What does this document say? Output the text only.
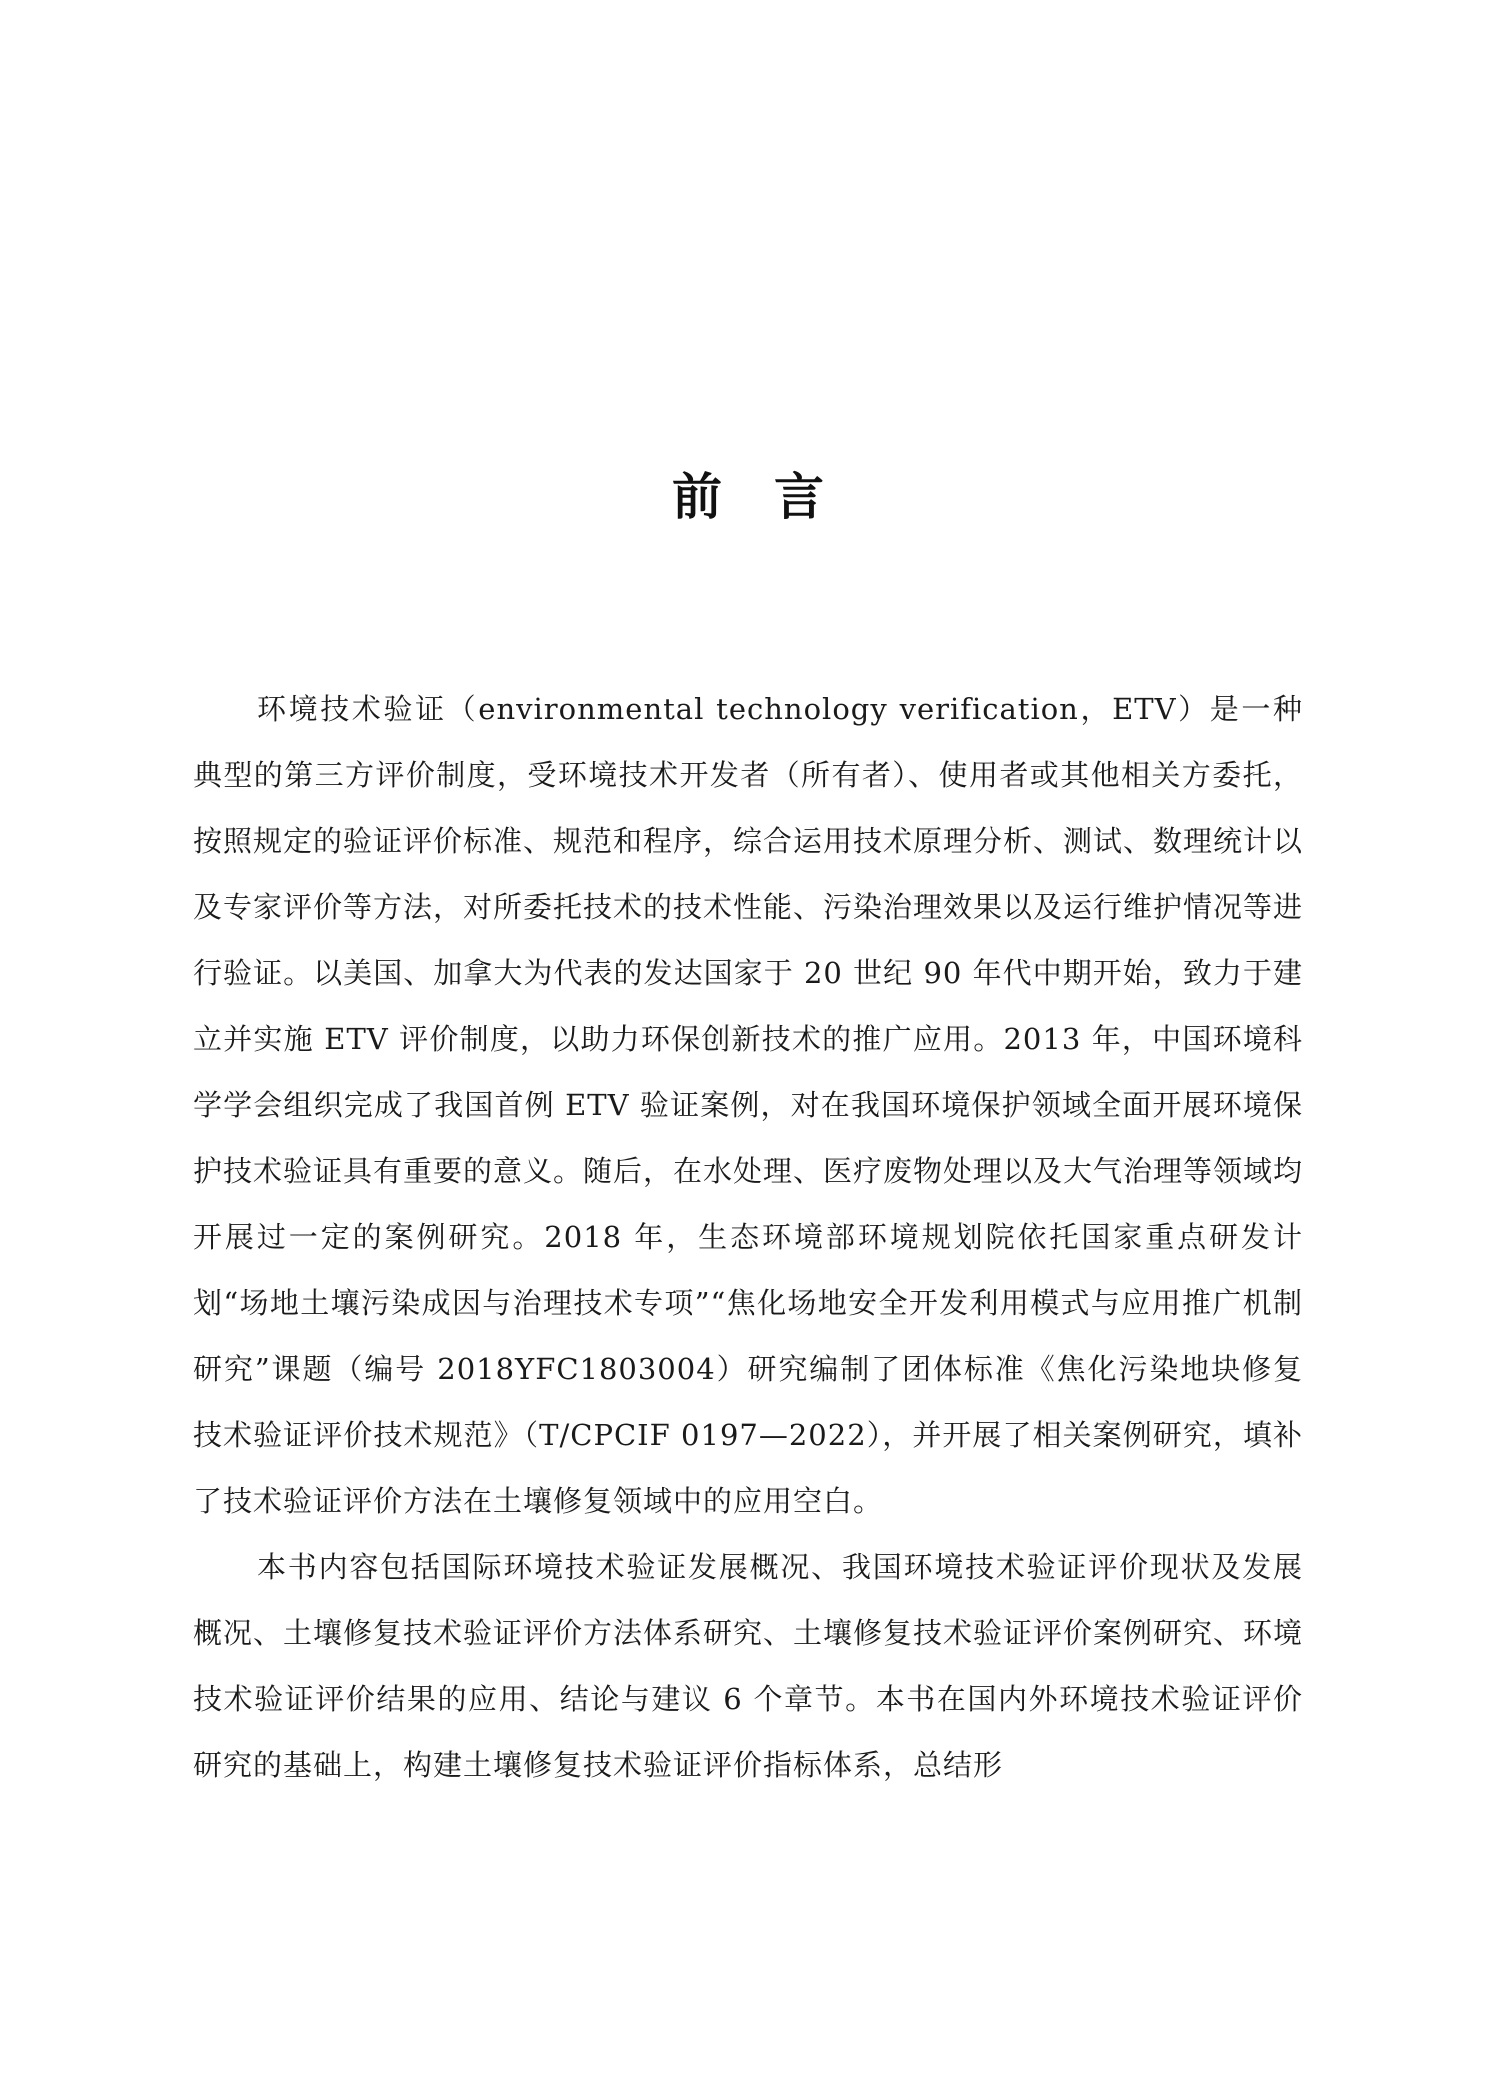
前言

环境技术验证（environmental technology verification，ETV）是一种典型的第三方评价制度，受环境技术开发者（所有者）、使用者或其他相关方委托，按照规定的验证评价标准、规范和程序，综合运用技术原理分析、测试、数理统计以及专家评价等方法，对所委托技术的技术性能、污染治理效果以及运行维护情况等进行验证。以美国、加拿大为代表的发达国家于 20 世纪 90 年代中期开始，致力于建立并实施 ETV 评价制度，以助力环保创新技术的推广应用。2013 年，中国环境科学学会组织完成了我国首例 ETV 验证案例，对在我国环境保护领域全面开展环境保护技术验证具有重要的意义。随后，在水处理、医疗废物处理以及大气治理等领域均开展过一定的案例研究。2018 年，生态环境部环境规划院依托国家重点研发计划“场地土壤污染成因与治理技术专项”“焦化场地安全开发利用模式与应用推广机制研究”课题（编号 2018YFC1803004）研究编制了团体标准《焦化污染地块修复技术验证评价技术规范》（T/CPCIF 0197—2022），并开展了相关案例研究，填补了技术验证评价方法在土壤修复领域中的应用空白。

本书内容包括国际环境技术验证发展概况、我国环境技术验证评价现状及发展概况、土壤修复技术验证评价方法体系研究、土壤修复技术验证评价案例研究、环境技术验证评价结果的应用、结论与建议 6 个章节。本书在国内外环境技术验证评价研究的基础上，构建土壤修复技术验证评价指标体系，总结形
